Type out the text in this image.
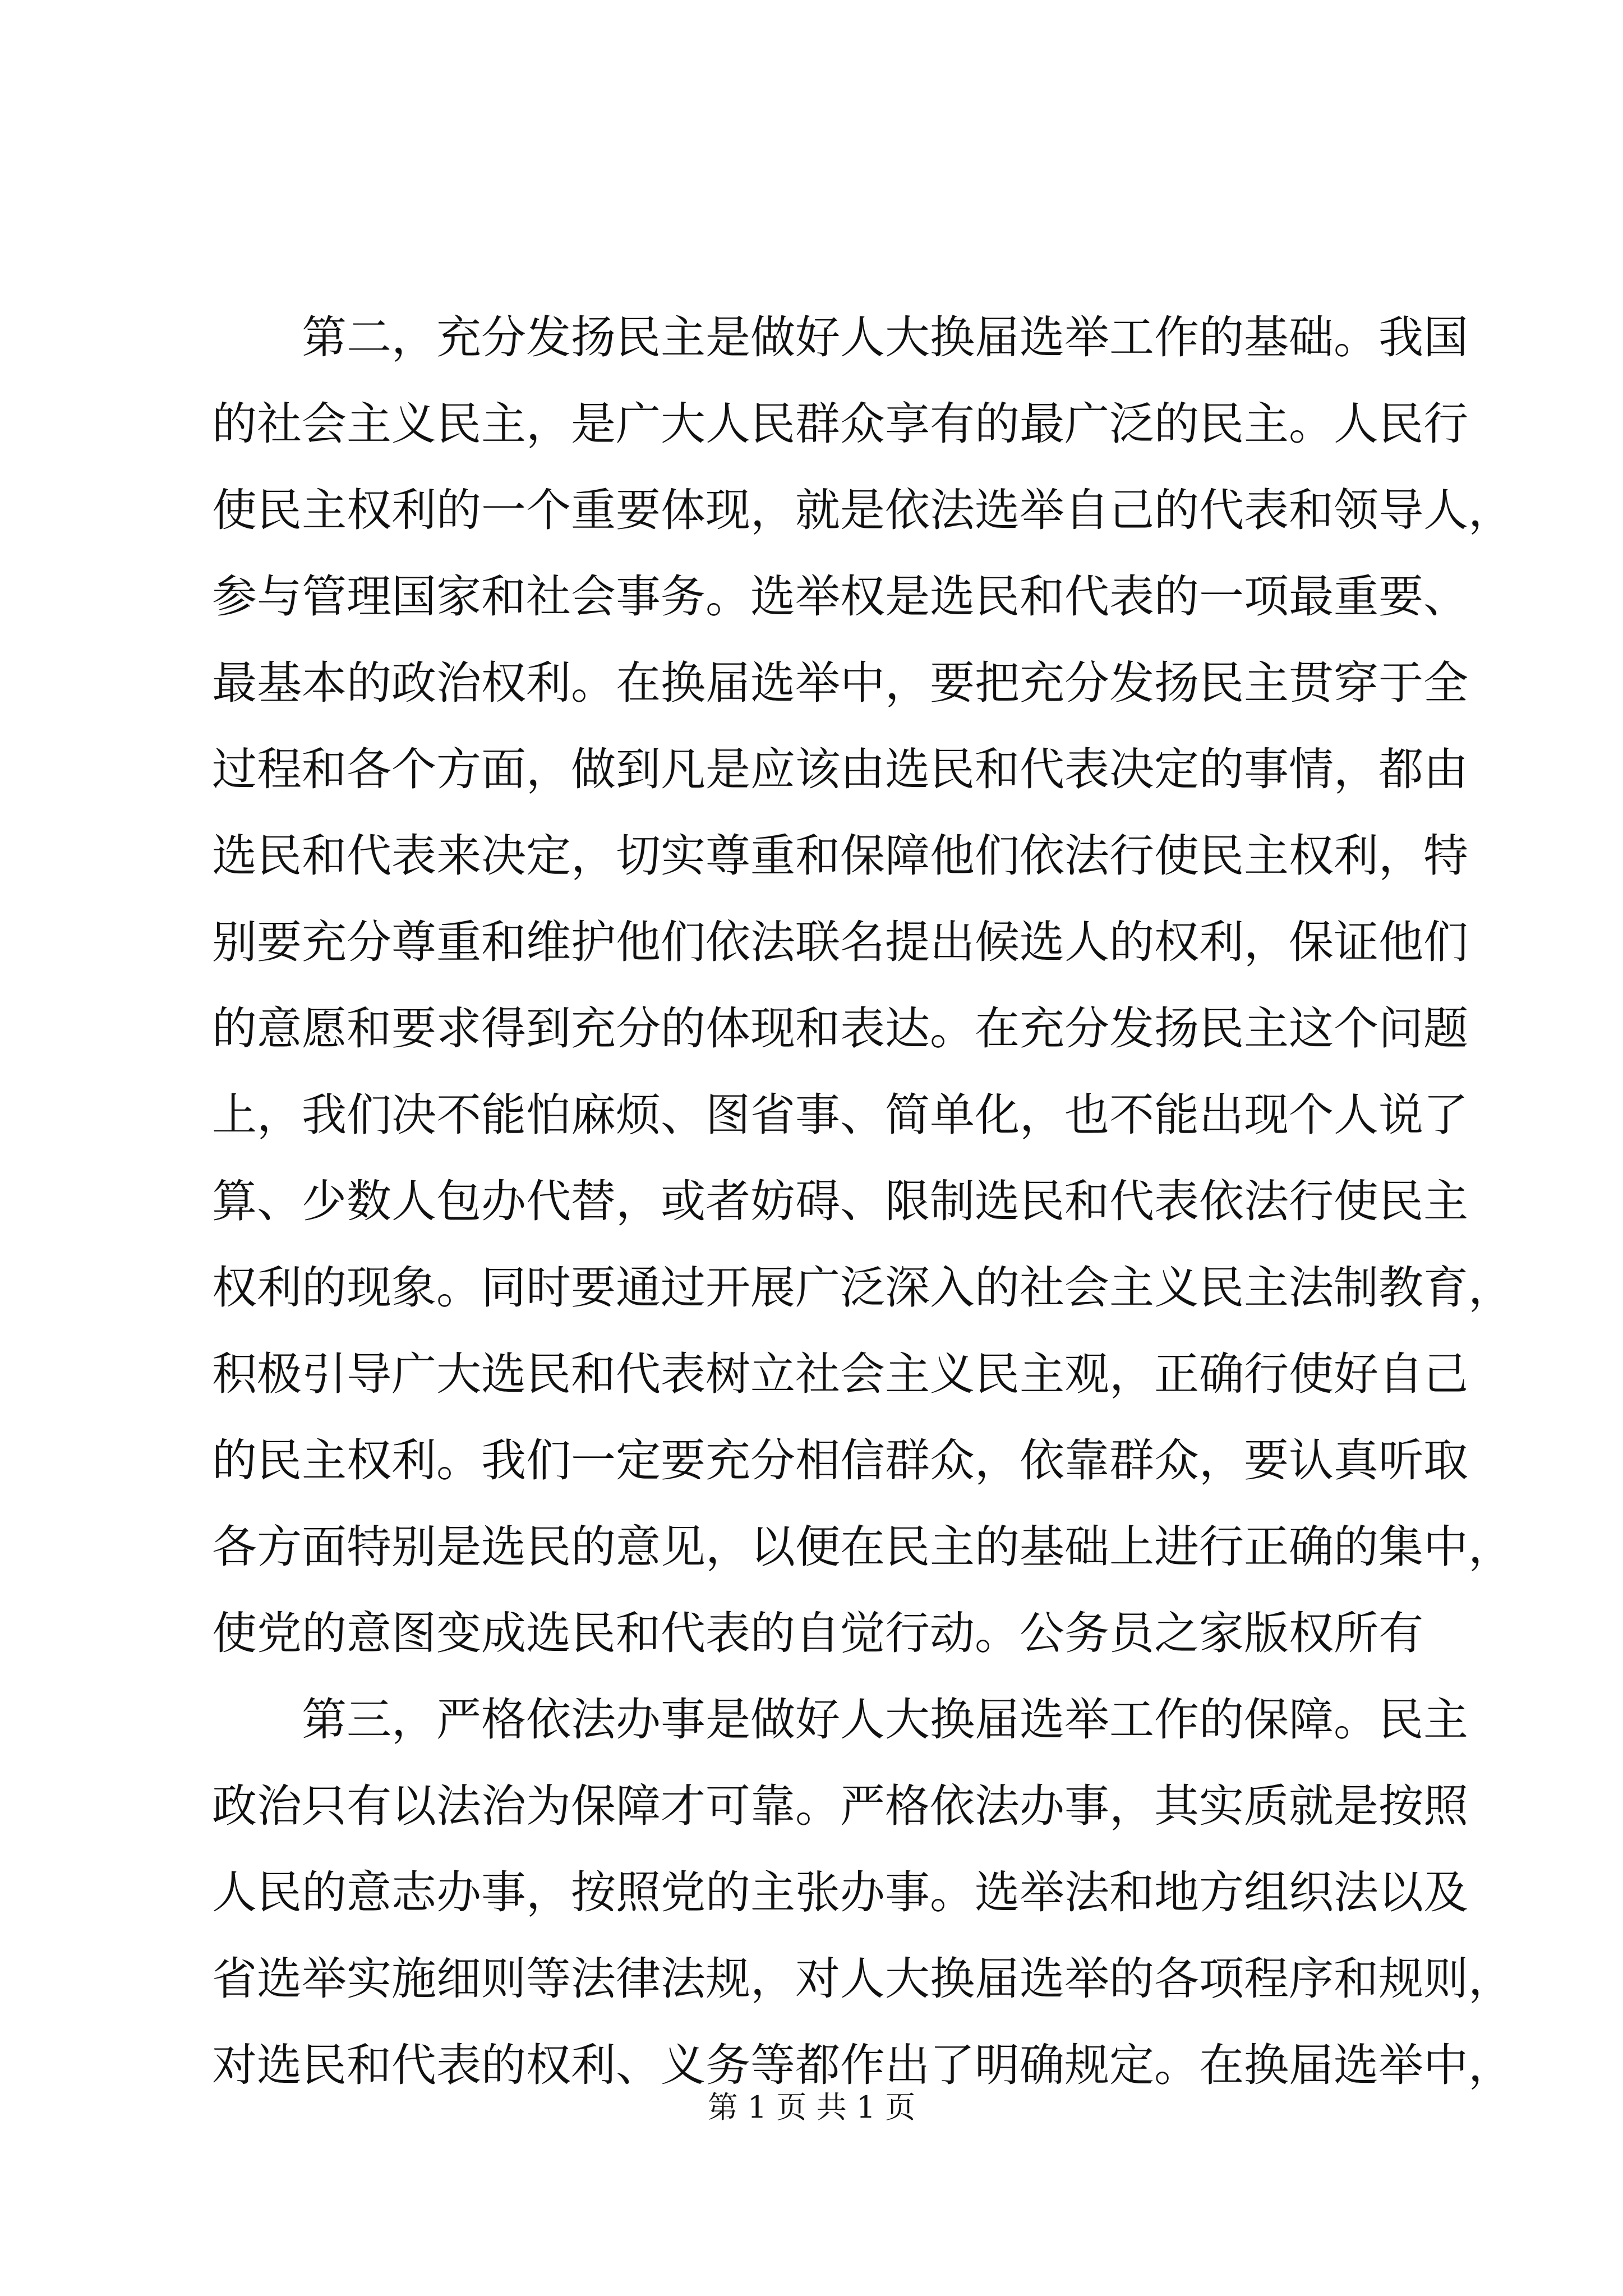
第二，充分发扬民主是做好人大换届选举工作的基础。我国
的社会主义民主，是广大人民群众享有的最广泛的民主。人民行
使民主权利的一个重要体现，就是依法选举自己的代表和领导人，
参与管理国家和社会事务。选举权是选民和代表的一项最重要、
最基本的政治权利。在换届选举中，要把充分发扬民主贯穿于全
过程和各个方面，做到凡是应该由选民和代表决定的事情，都由
选民和代表来决定，切实尊重和保障他们依法行使民主权利，特
别要充分尊重和维护他们依法联名提出候选人的权利，保证他们
的意愿和要求得到充分的体现和表达。在充分发扬民主这个问题
上，我们决不能怕麻烦、图省事、简单化，也不能出现个人说了
算、少数人包办代替，或者妨碍、限制选民和代表依法行使民主
权利的现象。同时要通过开展广泛深入的社会主义民主法制教育，
积极引导广大选民和代表树立社会主义民主观，正确行使好自己
的民主权利。我们一定要充分相信群众，依靠群众，要认真听取
各方面特别是选民的意见，以便在民主的基础上进行正确的集中，
使党的意图变成选民和代表的自觉行动。公务员之家版权所有
第三，严格依法办事是做好人大换届选举工作的保障。民主
政治只有以法治为保障才可靠。严格依法办事，其实质就是按照
人民的意志办事，按照党的主张办事。选举法和地方组织法以及
省选举实施细则等法律法规，对人大换届选举的各项程序和规则，
对选民和代表的权利、义务等都作出了明确规定。在换届选举中，
第 1 页 共 1 页
